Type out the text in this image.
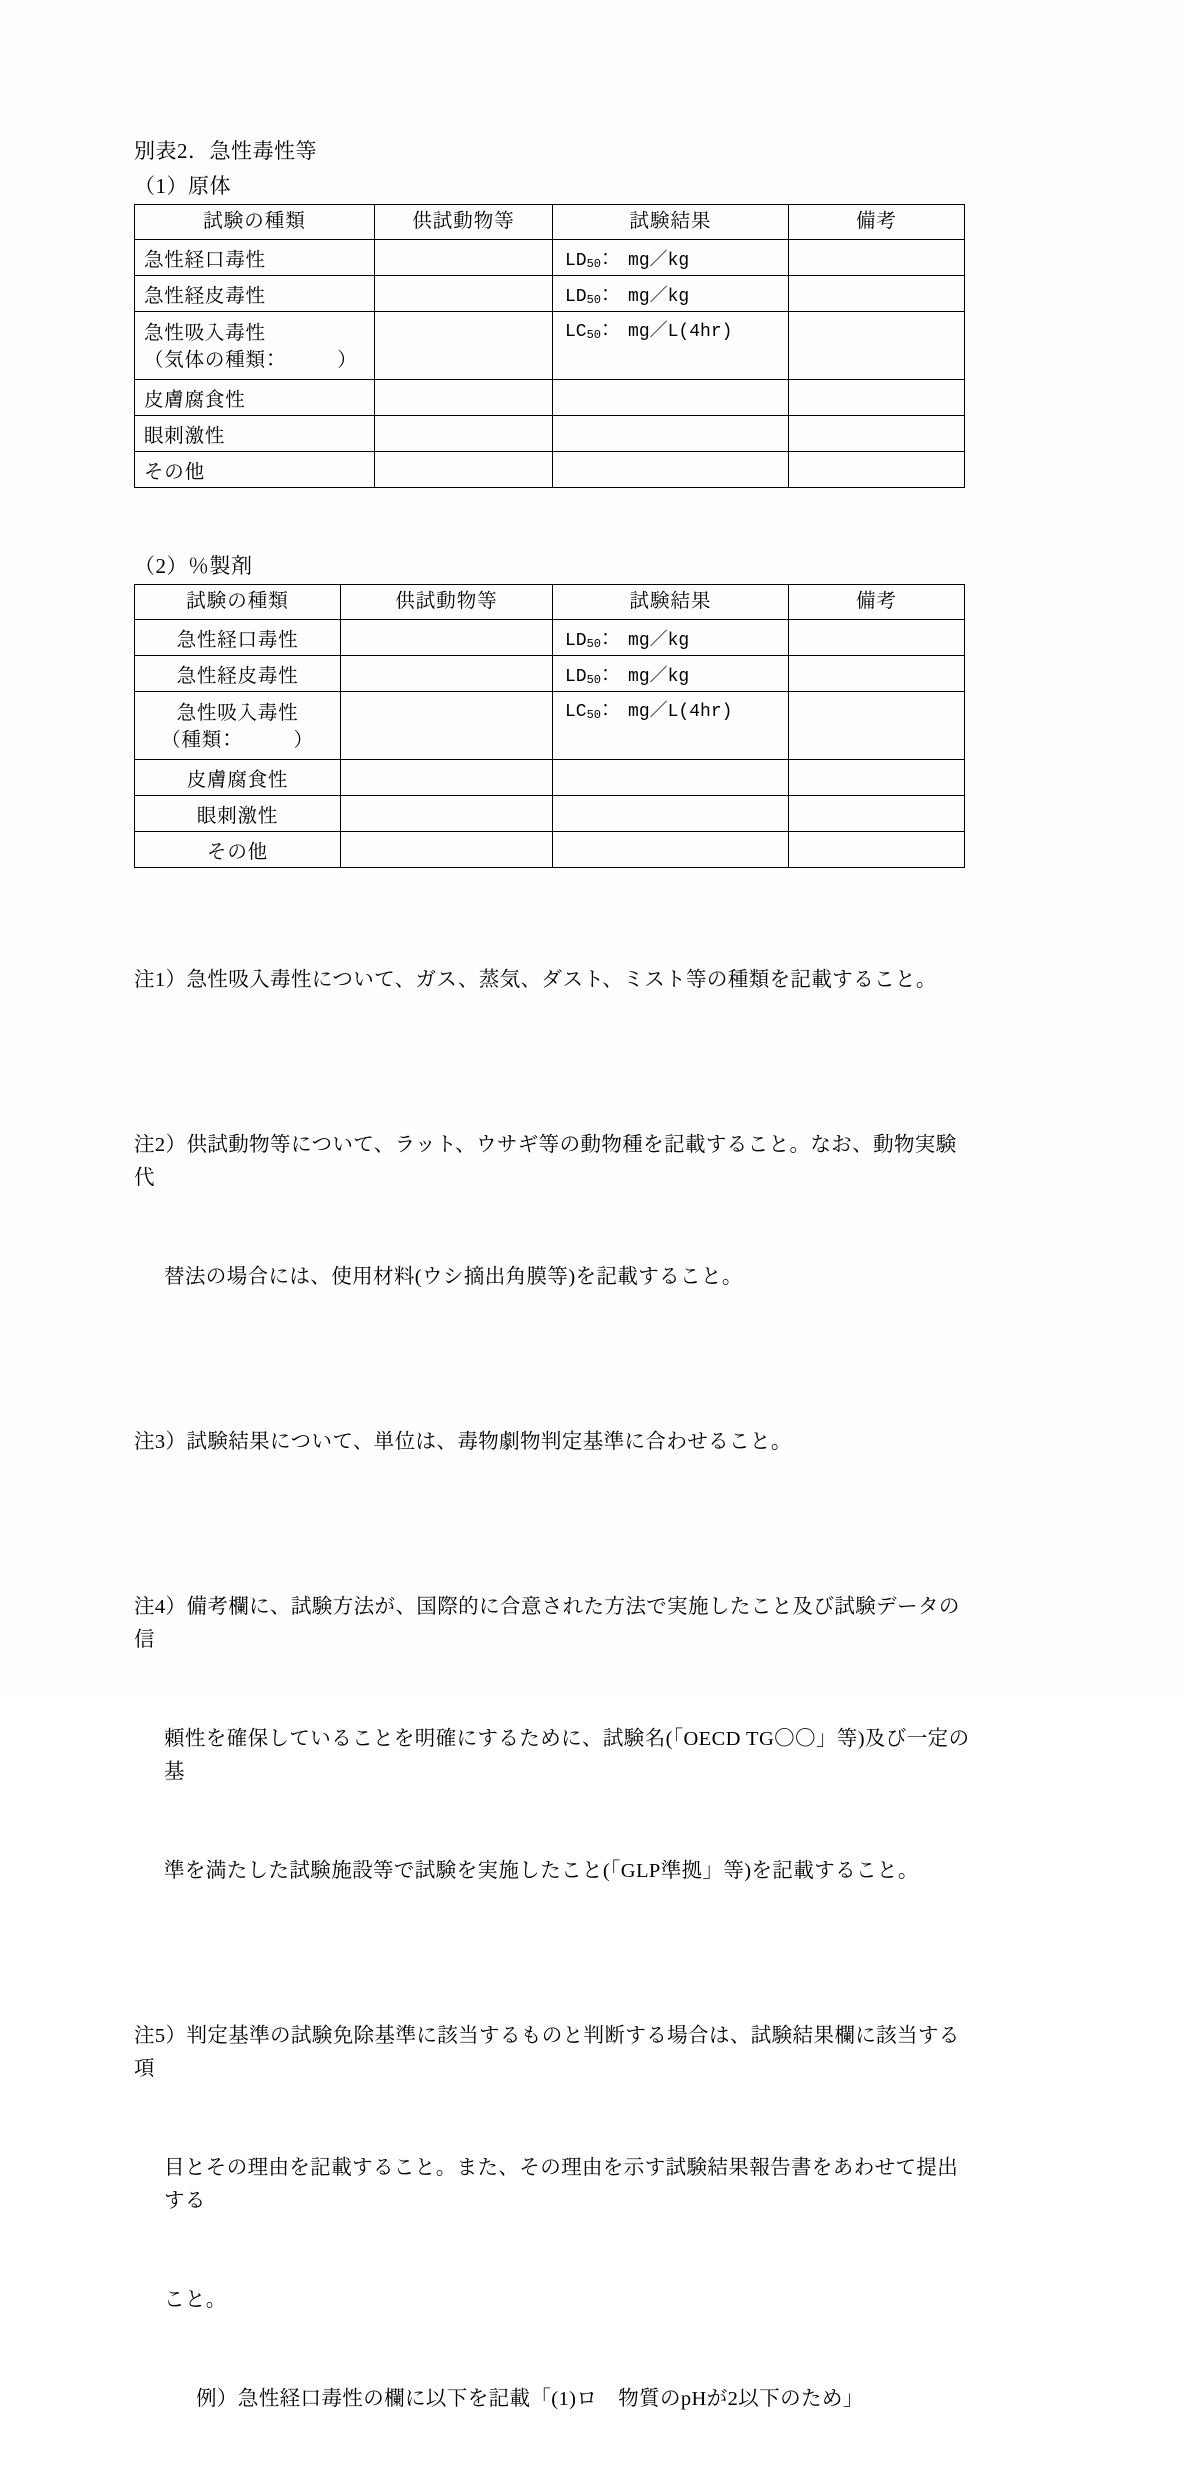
別表2．急性毒性等
（1）原体
試験の種類	供試動物等	試験結果	備考
急性経口毒性		$LD_{50}$：　mg／kg	
急性経皮毒性		$LD_{50}$：　mg／kg	

急性吸入毒性
（気体の種類：　　　）		$LC_{50}$：　mg／L(4hr)	
皮膚腐食性			
眼刺激性			
その他			
（2）％製剤
試験の種類	供試動物等	試験結果	備考
急性経口毒性		$LD_{50}$：　mg／kg	
急性経皮毒性		$LD_{50}$：　mg／kg	

急性吸入毒性
（種類：　　　）		$LC_{50}$：　mg／L(4hr)	
皮膚腐食性			
眼刺激性			
その他			

注1）急性吸入毒性について、ガス、蒸気、ダスト、ミスト等の種類を記載すること。

注2）供試動物等について、ラット、ウサギ等の動物種を記載すること。なお、動物実験代

替法の場合には、使用材料(ウシ摘出角膜等)を記載すること。

注3）試験結果について、単位は、毒物劇物判定基準に合わせること。

注4）備考欄に、試験方法が、国際的に合意された方法で実施したこと及び試験データの信

頼性を確保していることを明確にするために、試験名(「OECD TG〇〇」等)及び一定の基

準を満たした試験施設等で試験を実施したこと(「GLP準拠」等)を記載すること。

注5）判定基準の試験免除基準に該当するものと判断する場合は、試験結果欄に該当する項

目とその理由を記載すること。また、その理由を示す試験結果報告書をあわせて提出する

こと。

例）急性経口毒性の欄に以下を記載「(1)ロ　物質のpHが2以下のため」
